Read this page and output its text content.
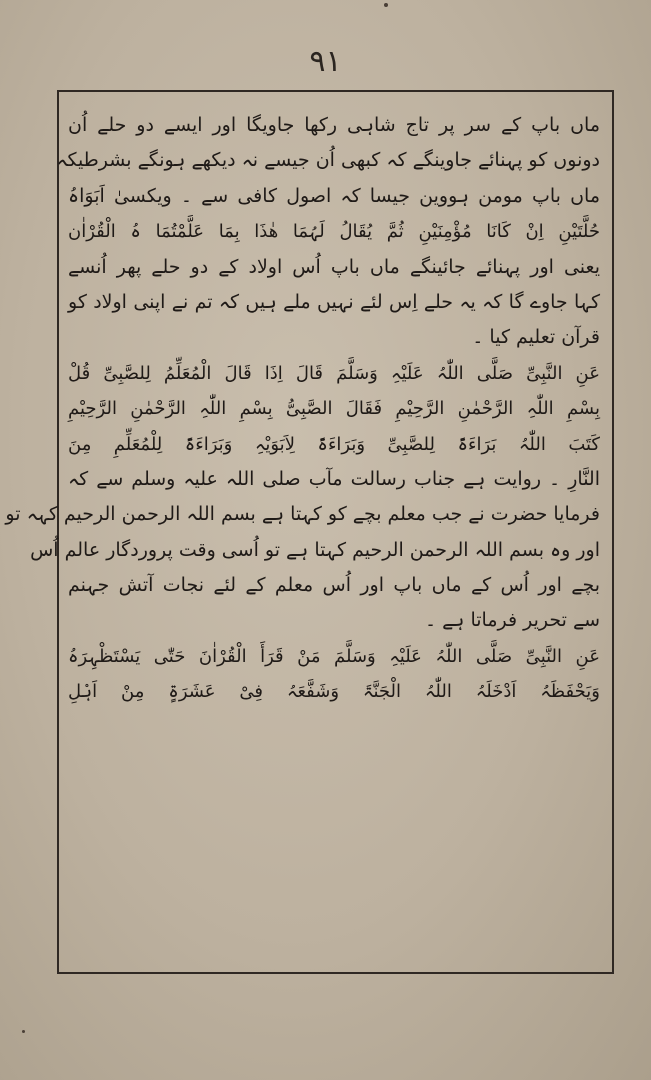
۹۱
ماں باپ کے سر پر تاج شاہی رکھا جاویگا اور ایسے دو حلے اُن
دونوں کو پہنائے جاوینگے کہ کبھی اُن جیسے نہ دیکھے ہونگے بشرطیکہ
ماں باپ مومن ہووین جیسا کہ اصول کافی سے ۔ ویکسیٰ اَبَوَاہُ
حُلَّتَیْنِ اِنْ کَانَا مُؤْمِنَیْنِ ثُمَّ یُقَالُ لَہُمَا ھٰذَا بِمَا عَلَّمْتُمَا ہُ الْقُرْاٰن
یعنی اور پہنائے جائینگے ماں باپ اُس اولاد کے دو حلے پھر اُنسے
کہا جاوے گا کہ یہ حلے اِس لئے نہیں ملے ہیں کہ تم نے اپنی اولاد کو
قرآن تعلیم کیا ۔
عَنِ النَّبِیِّ صَلَّی اللّٰہُ عَلَیْہِ وَسَلَّمَ قَالَ اِذَا قَالَ الْمُعَلِّمُ لِلصَّبِیِّ قُلْ
بِسْمِ اللّٰہِ الرَّحْمٰنِ الرَّحِیْمِ فَقَالَ الصَّبِیُّ بِسْمِ اللّٰہِ الرَّحْمٰنِ الرَّحِیْمِ
کَتَبَ اللّٰہُ بَرَاءَۃً لِلصَّبِیِّ وَبَرَاءَۃً لِاَبَوَیْہِ وَبَرَاءَۃً لِلْمُعَلِّمِ مِنَ
النَّارِ ۔ روایت ہے جناب رسالت مآب صلی اللہ علیہ وسلم سے کہ
فرمایا حضرت نے جب معلم بچے کو کہتا ہے بسم اللہ الرحمن الرحیم کہہ تو
اور وہ بسم اللہ الرحمن الرحیم کہتا ہے تو اُسی وقت پروردگار عالم اُس
بچے اور اُس کے ماں باپ اور اُس معلم کے لئے نجات آتش جہنم
سے تحریر فرماتا ہے ۔
عَنِ النَّبِیِّ صَلَّی اللّٰہُ عَلَیْہِ وَسَلَّمَ مَنْ قَرَأَ الْقُرْاٰنَ حَتّٰی یَسْتَظْہِرَہُ
وَیَحْفَظَہُ اَدْخَلَہُ اللّٰہُ الْجَنَّۃَ وَشَفَّعَہُ فِیْ عَشَرَۃٍ مِنْ اَہْلِ
